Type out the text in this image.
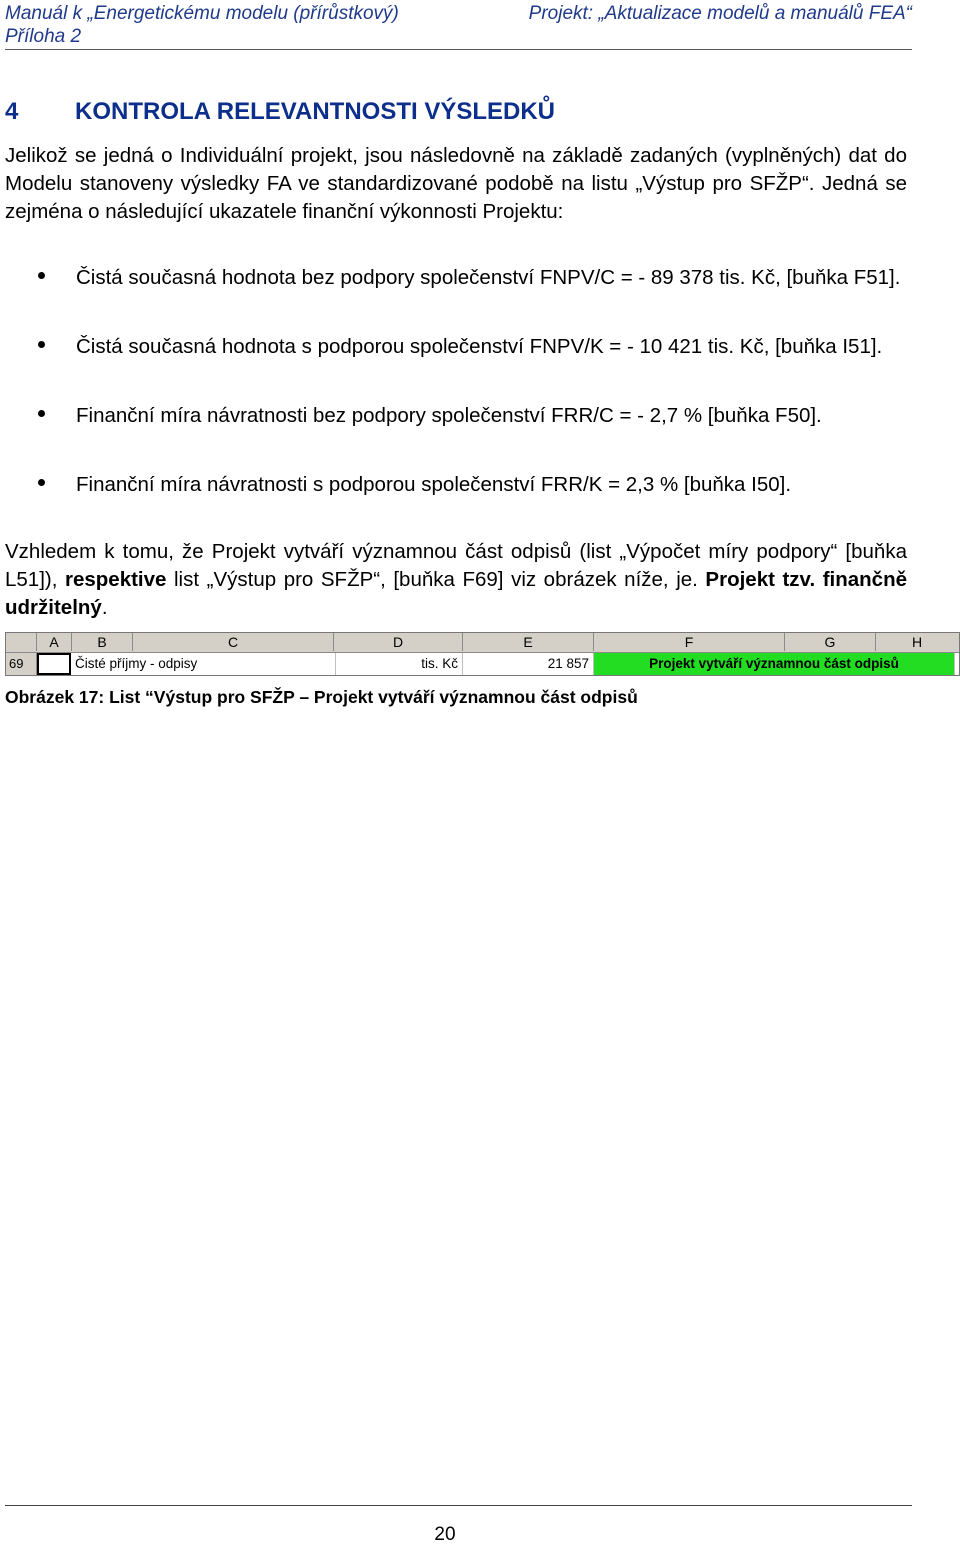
Manuál k „Energetickému modelu (přírůstkový)	Projekt: „Aktualizace modelů a manuálů FEA“
Příloha 2
4	KONTROLA RELEVANTNOSTI VÝSLEDKŮ
Jelikož se jedná o Individuální projekt, jsou následovně na základě zadaných (vyplněných) dat do Modelu stanoveny výsledky FA ve standardizované podobě na listu „Výstup pro SFŽP“. Jedná se zejména o následující ukazatele finanční výkonnosti Projektu:
Čistá současná hodnota bez podpory společenství FNPV/C = - 89 378 tis. Kč, [buňka F51].
Čistá současná hodnota s podporou společenství FNPV/K = - 10 421 tis. Kč, [buňka I51].
Finanční míra návratnosti bez podpory společenství FRR/C = - 2,7 % [buňka F50].
Finanční míra návratnosti s podporou společenství FRR/K = 2,3 % [buňka I50].
Vzhledem k tomu, že Projekt vytváří významnou část odpisů (list „Výpočet míry podpory“ [buňka L51]), respektive list „Výstup pro SFŽP“, [buňka F69] viz obrázek níže, je. Projekt tzv. finančně udržitelný.
A	B	C	D	E	F	G	H
69	Čisté příjmy - odpisy	tis. Kč	21 857	Projekt vytváří významnou část odpisů
Obrázek 17: List “Výstup pro SFŽP – Projekt vytváří významnou část odpisů
20
